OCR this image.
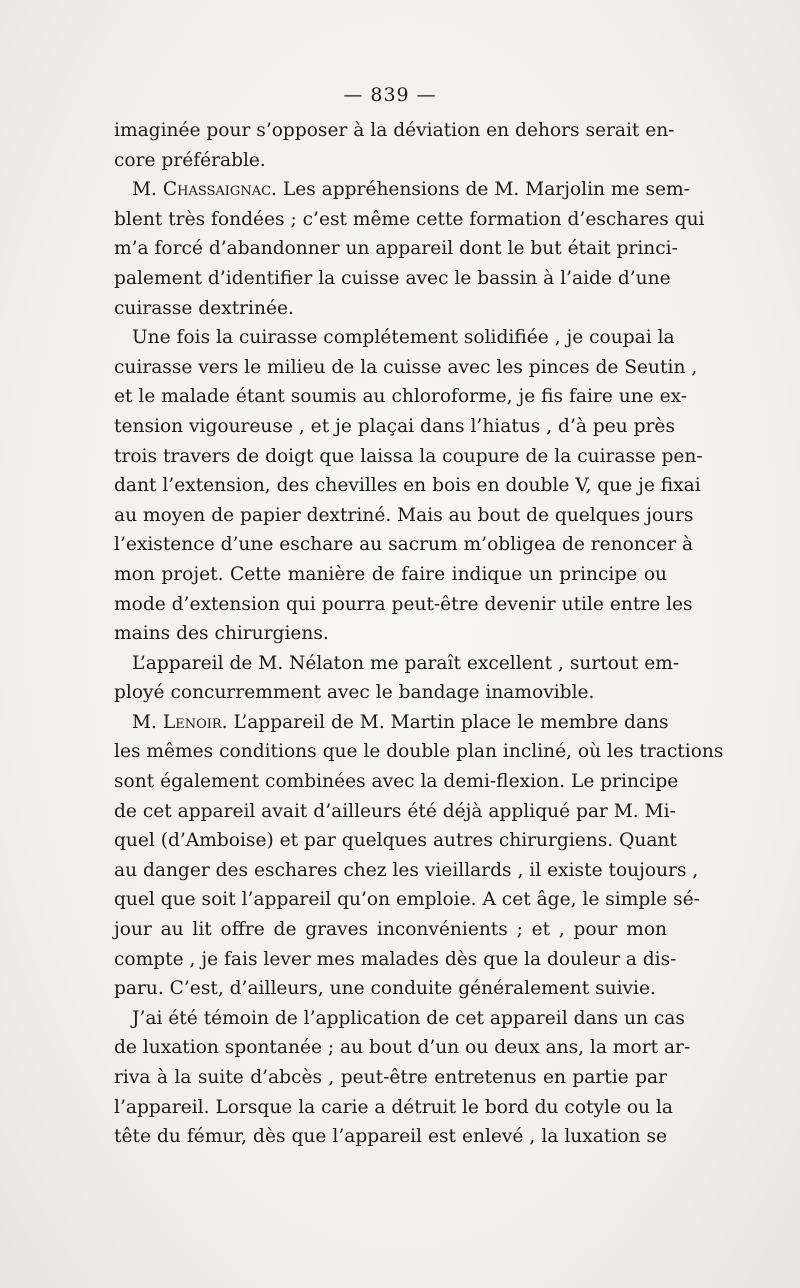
— 839 —
imaginée pour s’opposer à la déviation en dehors serait en-
core préférable.
M. Chassaignac. Les appréhensions de M. Marjolin me sem-
blent très fondées ; c’est même cette formation d’eschares qui
m’a forcé d’abandonner un appareil dont le but était princi-
palement d’identifier la cuisse avec le bassin à l’aide d’une
cuirasse dextrinée.
Une fois la cuirasse complétement solidifiée , je coupai la
cuirasse vers le milieu de la cuisse avec les pinces de Seutin ,
et le malade étant soumis au chloroforme, je fis faire une ex-
tension vigoureuse , et je plaçai dans l’hiatus , d’à peu près
trois travers de doigt que laissa la coupure de la cuirasse pen-
dant l’extension, des chevilles en bois en double V, que je fixai
au moyen de papier dextriné. Mais au bout de quelques jours
l’existence d’une eschare au sacrum m’obligea de renoncer à
mon projet. Cette manière de faire indique un principe ou
mode d’extension qui pourra peut-être devenir utile entre les
mains des chirurgiens.
L’appareil de M. Nélaton me paraît excellent , surtout em-
ployé concurremment avec le bandage inamovible.
M. Lenoir. L’appareil de M. Martin place le membre dans
les mêmes conditions que le double plan incliné, où les tractions
sont également combinées avec la demi-flexion. Le principe
de cet appareil avait d’ailleurs été déjà appliqué par M. Mi-
quel (d’Amboise) et par quelques autres chirurgiens. Quant
au danger des eschares chez les vieillards , il existe toujours ,
quel que soit l’appareil qu’on emploie. A cet âge, le simple sé-
jour au lit offre de graves inconvénients ; et , pour mon
compte , je fais lever mes malades dès que la douleur a dis-
paru. C’est, d’ailleurs, une conduite généralement suivie.
J’ai été témoin de l’application de cet appareil dans un cas
de luxation spontanée ; au bout d’un ou deux ans, la mort ar-
riva à la suite d’abcès , peut-être entretenus en partie par
l’appareil. Lorsque la carie a détruit le bord du cotyle ou la
tête du fémur, dès que l’appareil est enlevé , la luxation se
